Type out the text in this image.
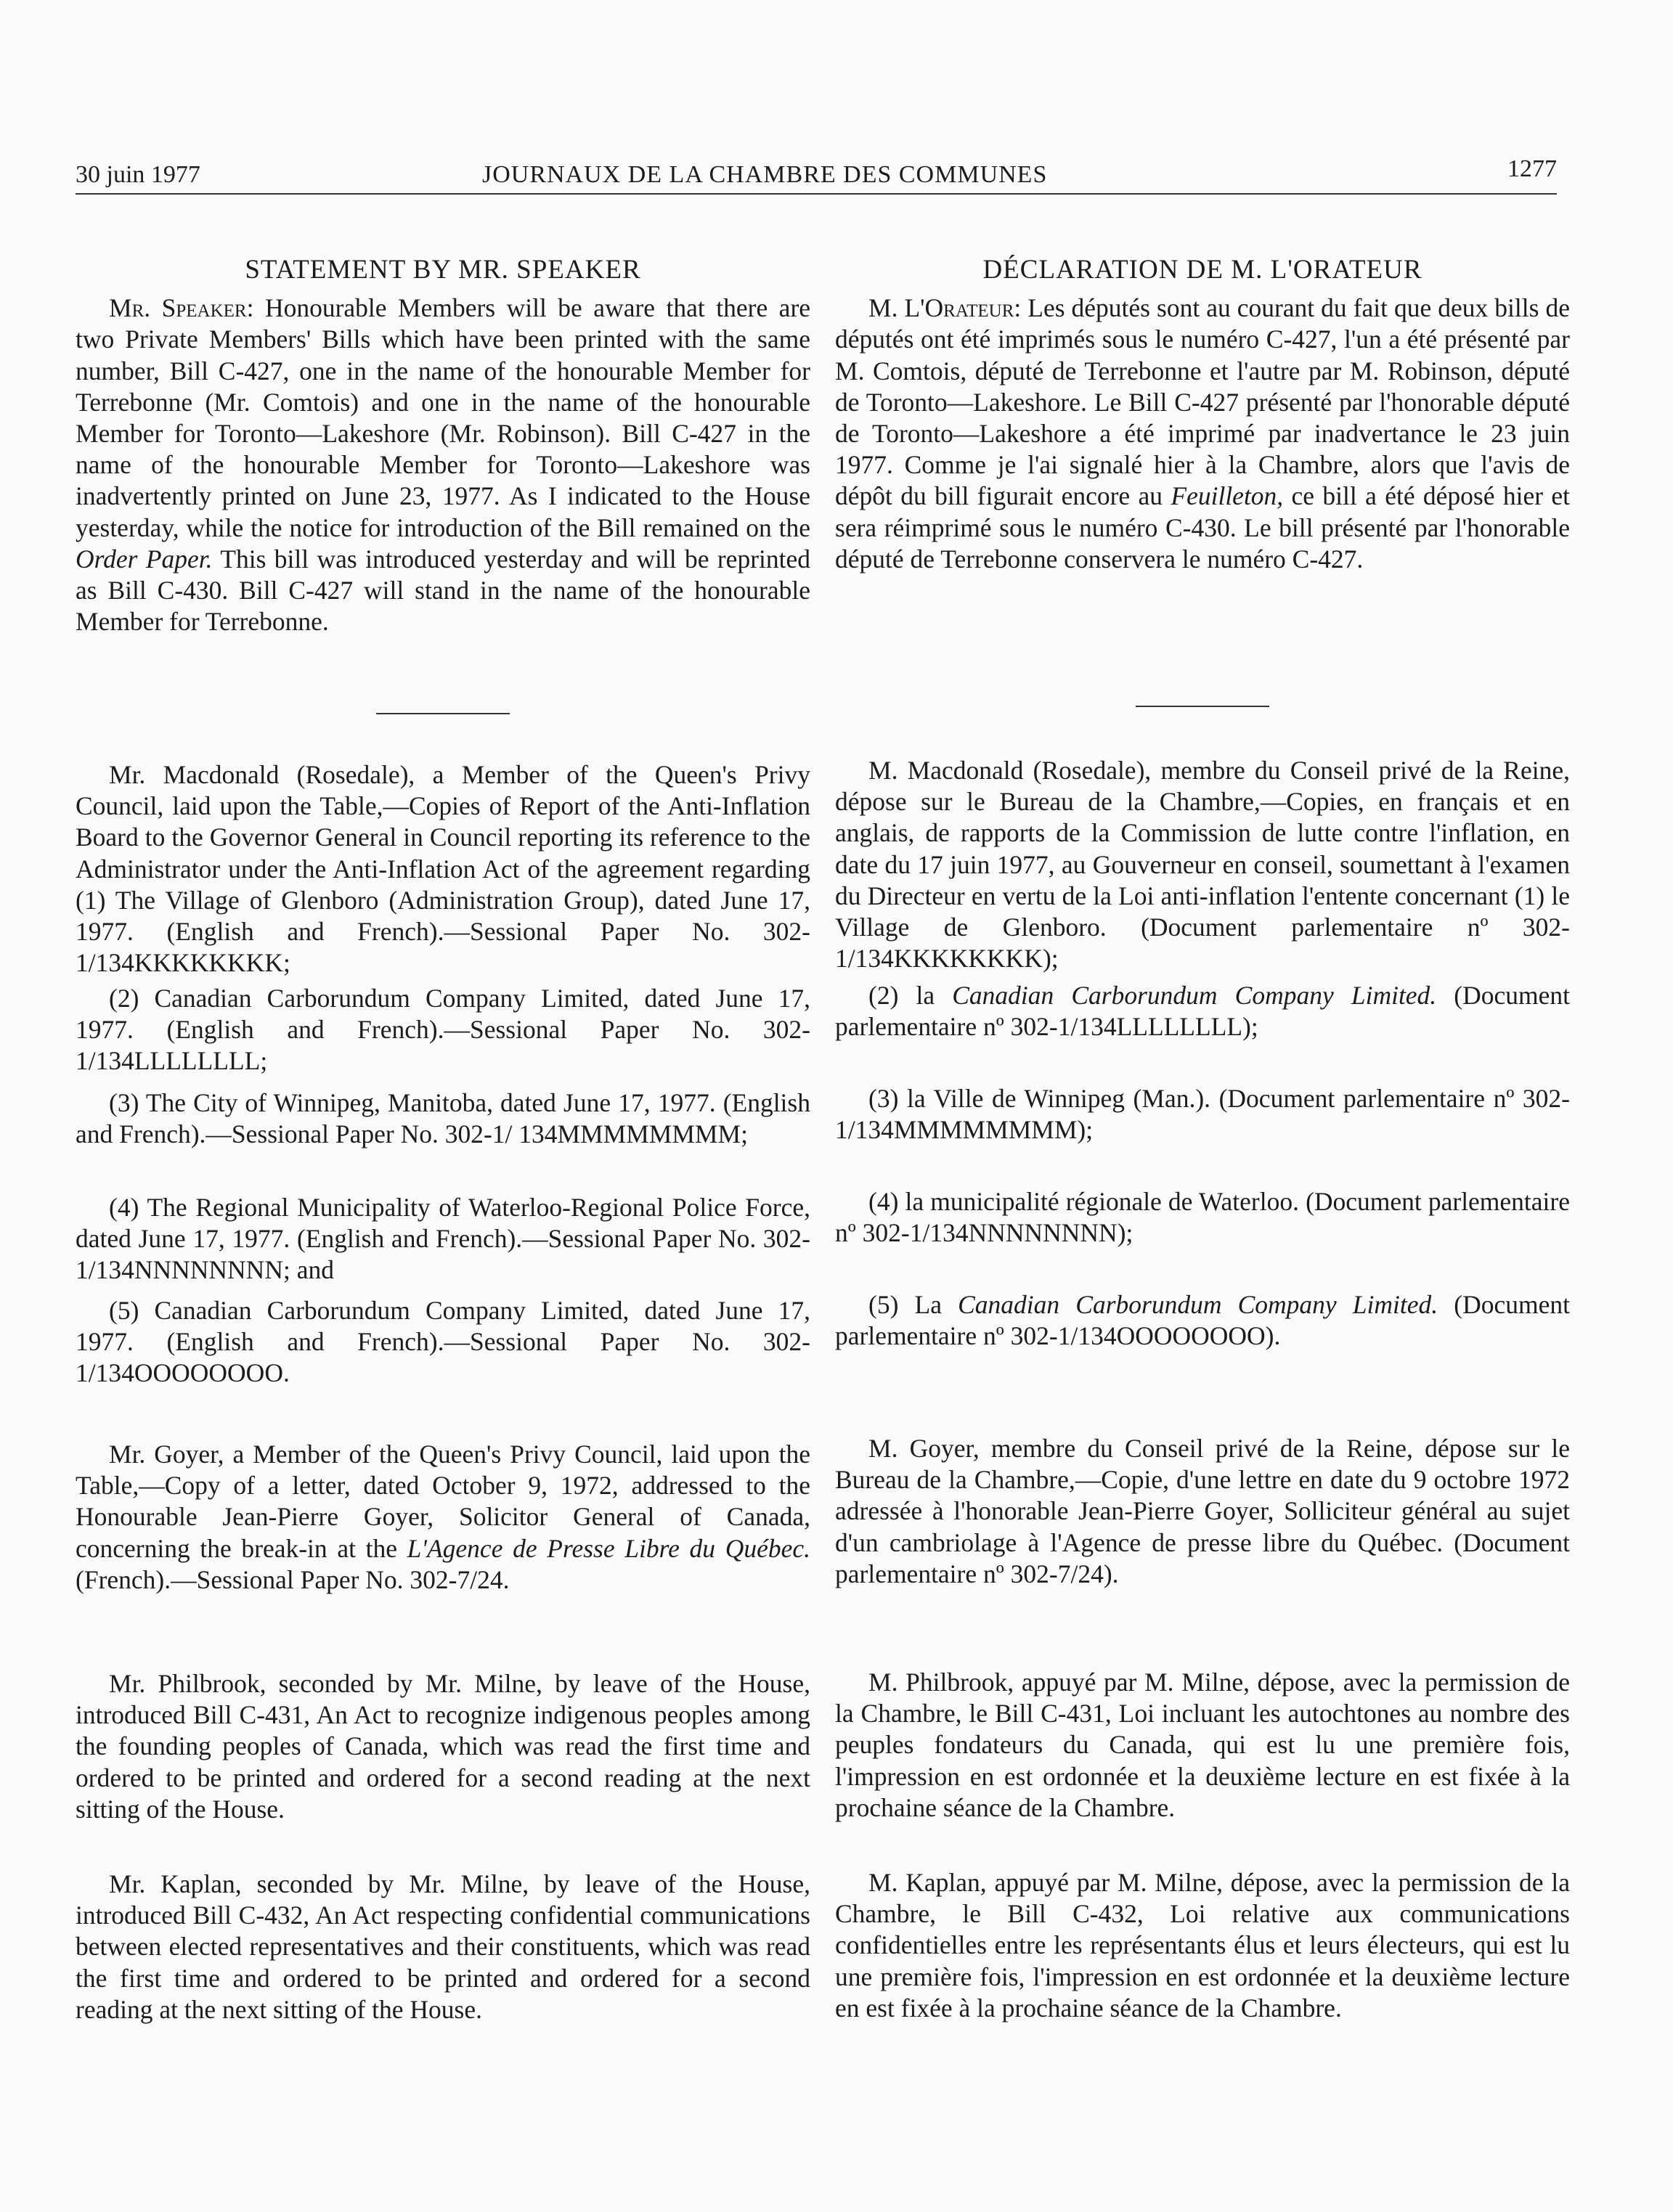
30 juin 1977	JOURNAUX DE LA CHAMBRE DES COMMUNES	1277
STATEMENT BY MR. SPEAKER

Mr. Speaker: Honourable Members will be aware that there are two Private Members' Bills which have been printed with the same number, Bill C-427, one in the name of the honourable Member for Terrebonne (Mr. Comtois) and one in the name of the honourable Member for Toronto—Lakeshore (Mr. Robinson). Bill C-427 in the name of the honourable Member for Toronto—Lakeshore was inadvertently printed on June 23, 1977. As I indicated to the House yesterday, while the notice for introduction of the Bill remained on the Order Paper. This bill was introduced yesterday and will be reprinted as Bill C-430. Bill C-427 will stand in the name of the honourable Member for Terrebonne.

Mr. Macdonald (Rosedale), a Member of the Queen's Privy Council, laid upon the Table,—Copies of Report of the Anti-Inflation Board to the Governor General in Council reporting its reference to the Administrator under the Anti-Inflation Act of the agreement regarding (1) The Village of Glenboro (Administration Group), dated June 17, 1977. (English and French).—Sessional Paper No. 302-1/134KKKKKKKK;

(2) Canadian Carborundum Company Limited, dated June 17, 1977. (English and French).—Sessional Paper No. 302-1/134LLLLLLLL;

(3) The City of Winnipeg, Manitoba, dated June 17, 1977. (English and French).—Sessional Paper No. 302-1/ 134MMMMMMMM;

(4) The Regional Municipality of Waterloo-Regional Police Force, dated June 17, 1977. (English and French).—Sessional Paper No. 302-1/134NNNNNNNN; and

(5) Canadian Carborundum Company Limited, dated June 17, 1977. (English and French).—Sessional Paper No. 302-1/134OOOOOOOO.

Mr. Goyer, a Member of the Queen's Privy Council, laid upon the Table,—Copy of a letter, dated October 9, 1972, addressed to the Honourable Jean-Pierre Goyer, Solicitor General of Canada, concerning the break-in at the L'Agence de Presse Libre du Québec. (French).—Sessional Paper No. 302-7/24.

Mr. Philbrook, seconded by Mr. Milne, by leave of the House, introduced Bill C-431, An Act to recognize indigenous peoples among the founding peoples of Canada, which was read the first time and ordered to be printed and ordered for a second reading at the next sitting of the House.

Mr. Kaplan, seconded by Mr. Milne, by leave of the House, introduced Bill C-432, An Act respecting confidential communications between elected representatives and their constituents, which was read the first time and ordered to be printed and ordered for a second reading at the next sitting of the House.

DÉCLARATION DE M. L'ORATEUR

M. L'Orateur: Les députés sont au courant du fait que deux bills de députés ont été imprimés sous le numéro C-427, l'un a été présenté par M. Comtois, député de Terrebonne et l'autre par M. Robinson, député de Toronto—Lakeshore. Le Bill C-427 présenté par l'honorable député de Toronto—Lakeshore a été imprimé par inadvertance le 23 juin 1977. Comme je l'ai signalé hier à la Chambre, alors que l'avis de dépôt du bill figurait encore au Feuilleton, ce bill a été déposé hier et sera réimprimé sous le numéro C-430. Le bill présenté par l'honorable député de Terrebonne conservera le numéro C-427.

M. Macdonald (Rosedale), membre du Conseil privé de la Reine, dépose sur le Bureau de la Chambre,—Copies, en français et en anglais, de rapports de la Commission de lutte contre l'inflation, en date du 17 juin 1977, au Gouverneur en conseil, soumettant à l'examen du Directeur en vertu de la Loi anti-inflation l'entente concernant (1) le Village de Glenboro. (Document parlementaire nº 302-1/134KKKKKKKK);

(2) la Canadian Carborundum Company Limited. (Document parlementaire nº 302-1/134LLLLLLLL);

(3) la Ville de Winnipeg (Man.). (Document parlementaire nº 302-1/134MMMMMMMM);

(4) la municipalité régionale de Waterloo. (Document parlementaire nº 302-1/134NNNNNNNN);

(5) La Canadian Carborundum Company Limited. (Document parlementaire nº 302-1/134OOOOOOOO).

M. Goyer, membre du Conseil privé de la Reine, dépose sur le Bureau de la Chambre,—Copie, d'une lettre en date du 9 octobre 1972 adressée à l'honorable Jean-Pierre Goyer, Solliciteur général au sujet d'un cambriolage à l'Agence de presse libre du Québec. (Document parlementaire nº 302-7/24).

M. Philbrook, appuyé par M. Milne, dépose, avec la permission de la Chambre, le Bill C-431, Loi incluant les autochtones au nombre des peuples fondateurs du Canada, qui est lu une première fois, l'impression en est ordonnée et la deuxième lecture en est fixée à la prochaine séance de la Chambre.

M. Kaplan, appuyé par M. Milne, dépose, avec la permission de la Chambre, le Bill C-432, Loi relative aux communications confidentielles entre les représentants élus et leurs électeurs, qui est lu une première fois, l'impression en est ordonnée et la deuxième lecture en est fixée à la prochaine séance de la Chambre.
